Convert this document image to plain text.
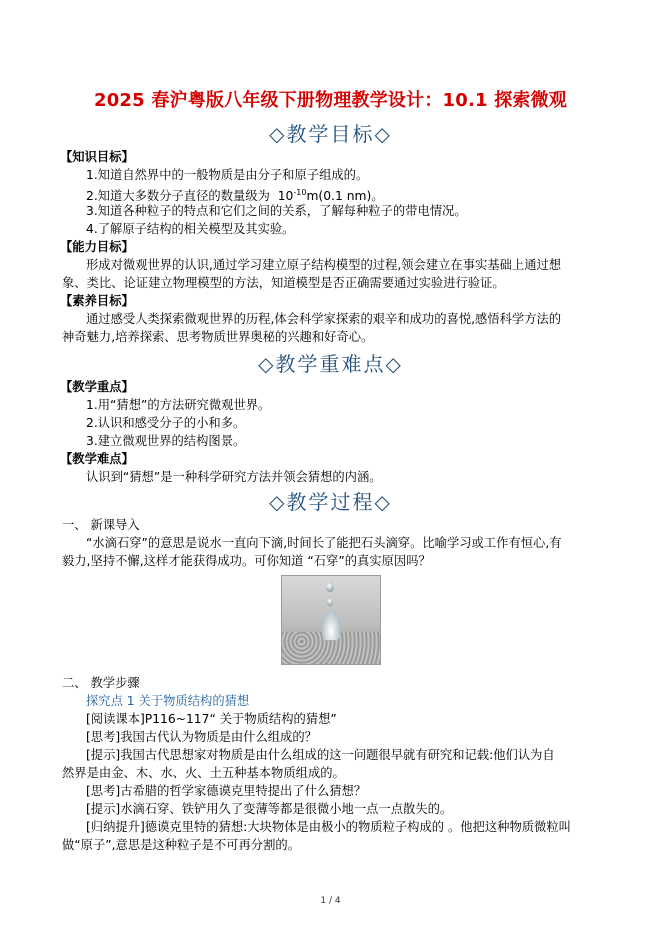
2025 春沪粤版八年级下册物理教学设计：10.1 探索微观
◇教学目标◇
【知识目标】
1.知道自然界中的一般物质是由分子和原子组成的。
2.知道大多数分子直径的数量级为 $10^{-10}m(0.1$ nm)。
3.知道各种粒子的特点和它们之间的关系，了解每种粒子的带电情况。
4.了解原子结构的相关模型及其实验。
【能力目标】
形成对微观世界的认识,通过学习建立原子结构模型的过程,领会建立在事实基础上通过想
象、类比、论证建立物理模型的方法，知道模型是否正确需要通过实验进行验证。
【素养目标】
通过感受人类探索微观世界的历程,体会科学家探索的艰辛和成功的喜悦,感悟科学方法的
神奇魅力,培养探索、思考物质世界奥秘的兴趣和好奇心。
◇教学重难点◇
【教学重点】
1.用“猜想”的方法研究微观世界。
2.认识和感受分子的小和多。
3.建立微观世界的结构图景。
【教学难点】
认识到“猜想”是一种科学研究方法并领会猜想的内涵。
◇教学过程◇
一、 新课导入
“水滴石穿”的意思是说水一直向下滴,时间长了能把石头滴穿。比喻学习或工作有恒心,有
毅力,坚持不懈,这样才能获得成功。可你知道 “石穿”的真实原因吗？
二、 教学步骤
探究点 1 关于物质结构的猜想
[阅读课本]P116~117“ 关于物质结构的猜想”
[思考]我国古代认为物质是由什么组成的？
[提示]我国古代思想家对物质是由什么组成的这一问题很早就有研究和记载:他们认为自
然界是由金、木、水、火、土五种基本物质组成的。
[思考]古希腊的哲学家德谟克里特提出了什么猜想？
[提示]水滴石穿、铁铲用久了变薄等都是很微小地一点一点散失的。
[归纳提升]德谟克里特的猜想:大块物体是由极小的物质粒子构成的 。他把这种物质微粒叫
做“原子”,意思是这种粒子是不可再分割的。
1 / 4
